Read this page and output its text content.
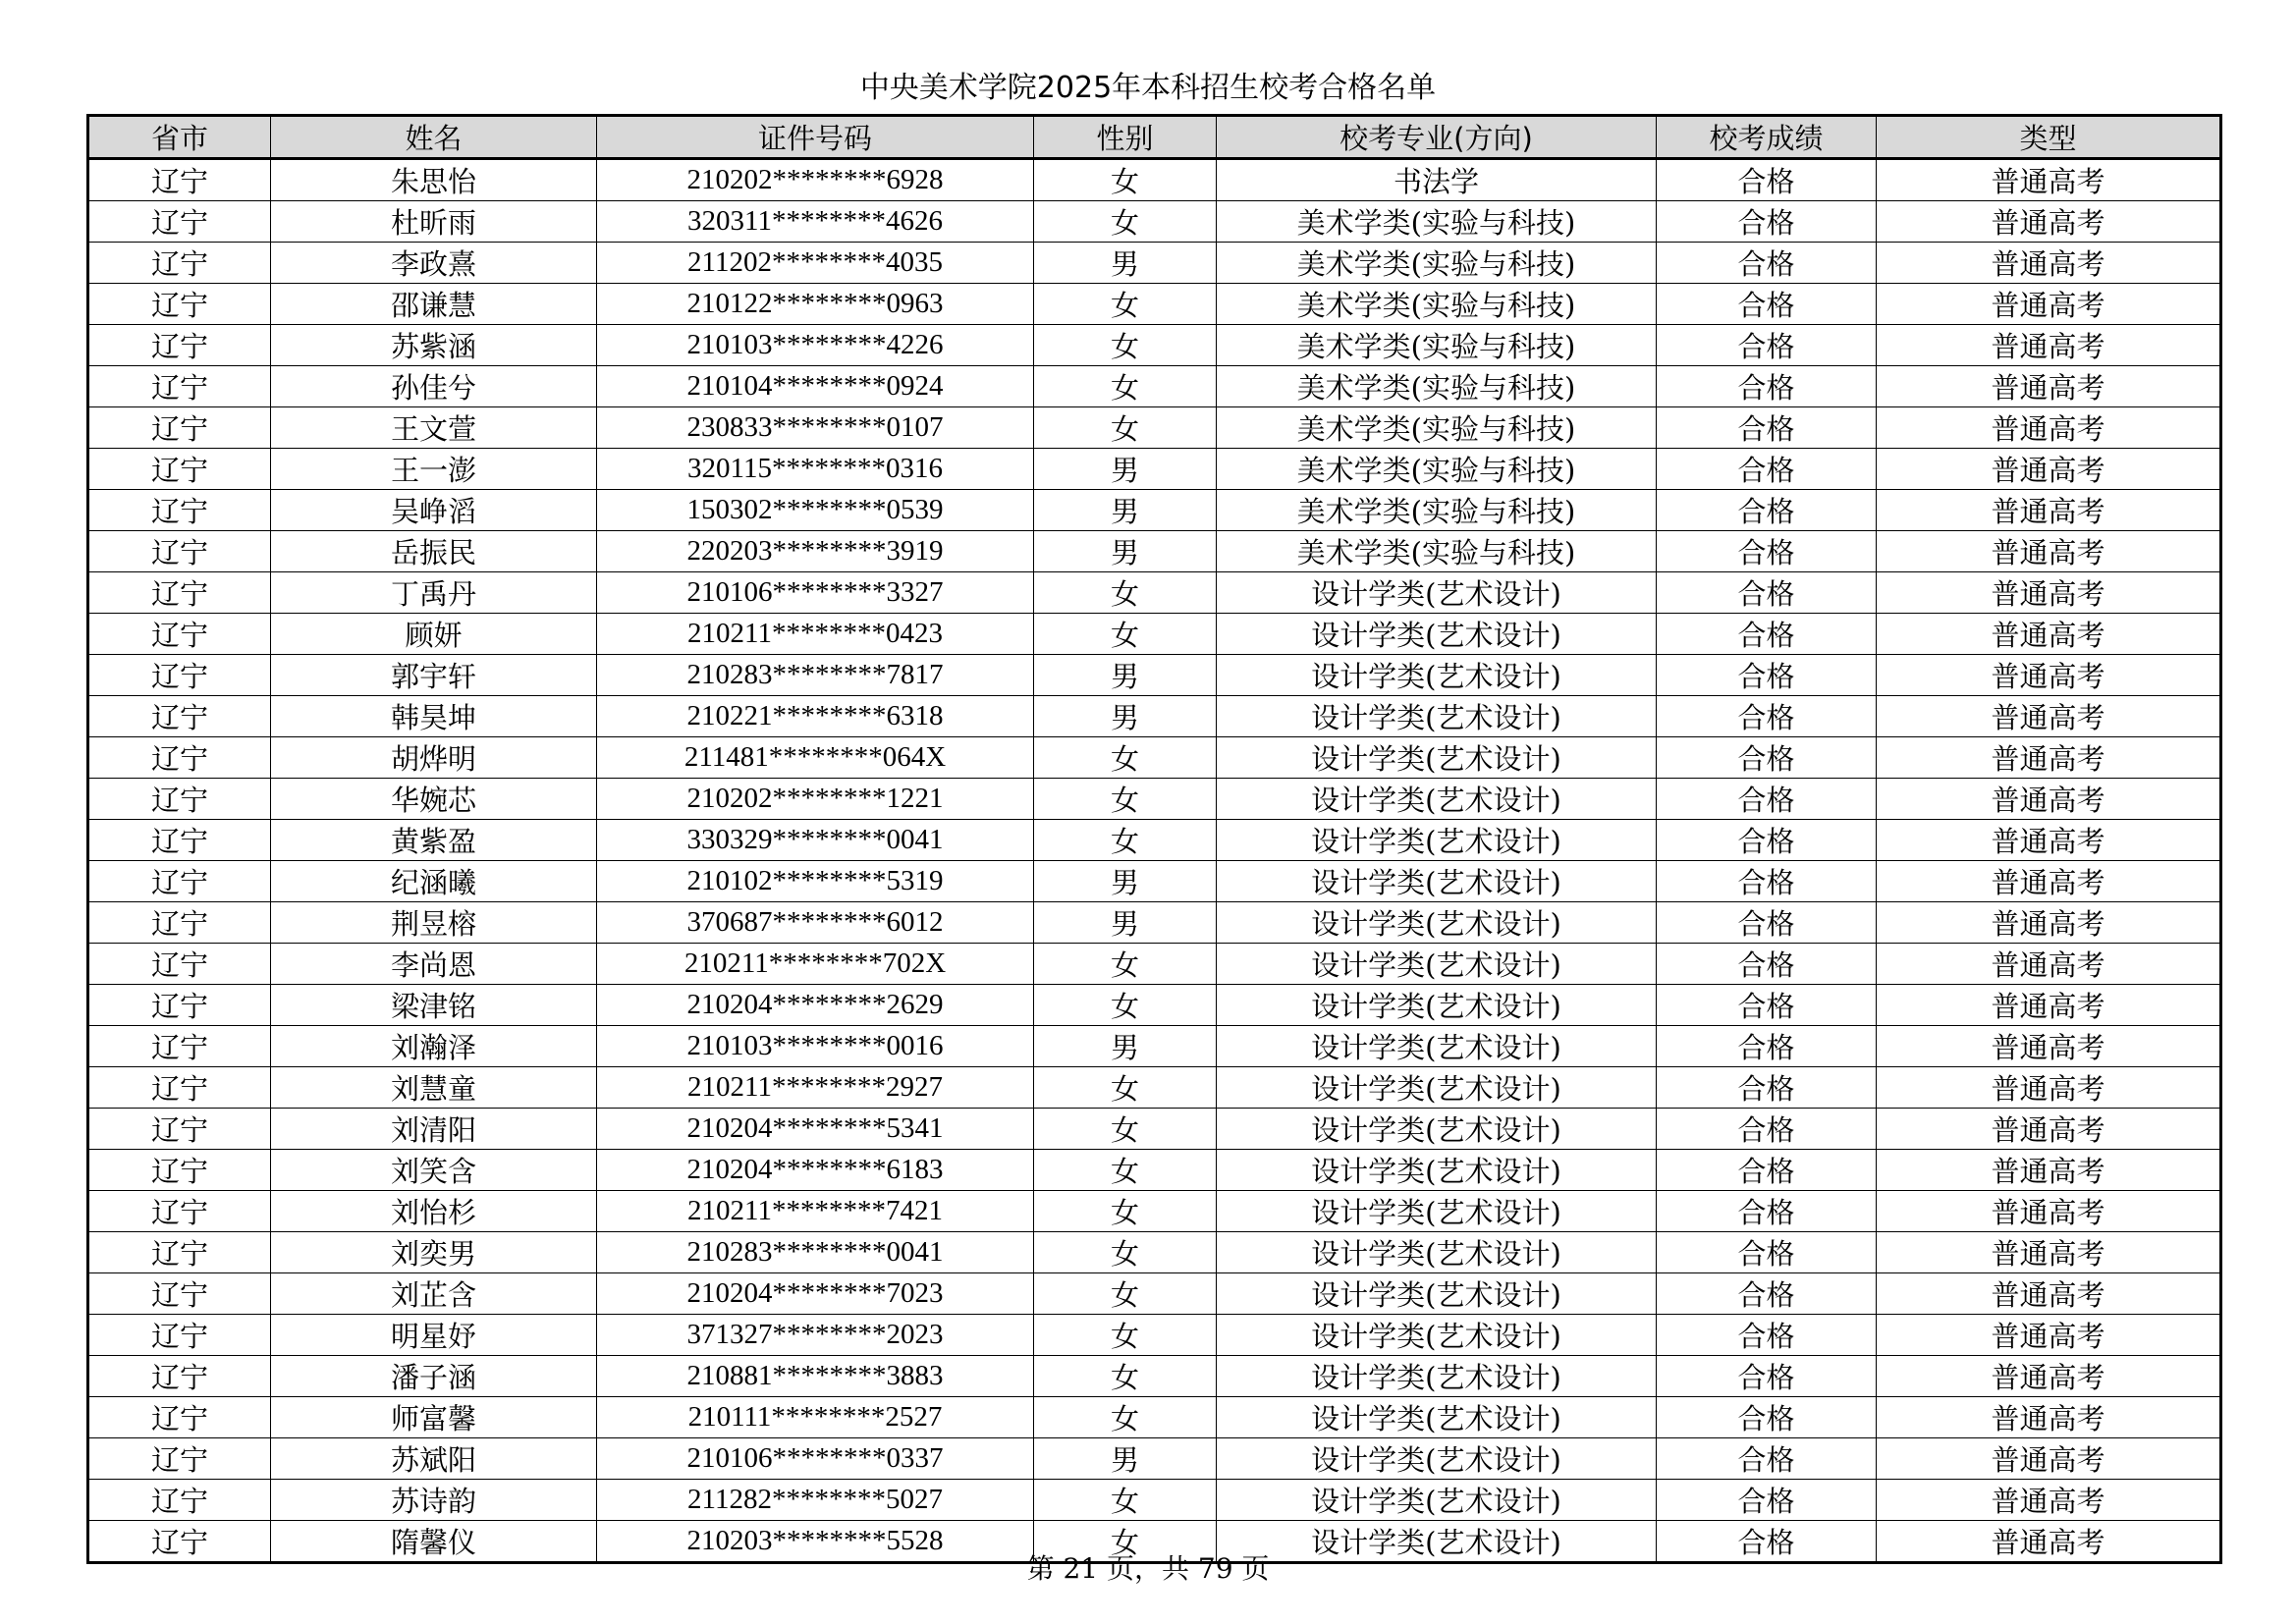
中央美术学院2025年本科招生校考合格名单
省市	姓名	证件号码	性别	校考专业(方向)	校考成绩	类型
辽宁	朱思怡	210202********6928	女	书法学	合格	普通高考
辽宁	杜昕雨	320311********4626	女	美术学类(实验与科技)	合格	普通高考
辽宁	李政熹	211202********4035	男	美术学类(实验与科技)	合格	普通高考
辽宁	邵谦慧	210122********0963	女	美术学类(实验与科技)	合格	普通高考
辽宁	苏紫涵	210103********4226	女	美术学类(实验与科技)	合格	普通高考
辽宁	孙佳兮	210104********0924	女	美术学类(实验与科技)	合格	普通高考
辽宁	王文萱	230833********0107	女	美术学类(实验与科技)	合格	普通高考
辽宁	王一澎	320115********0316	男	美术学类(实验与科技)	合格	普通高考
辽宁	吴峥滔	150302********0539	男	美术学类(实验与科技)	合格	普通高考
辽宁	岳振民	220203********3919	男	美术学类(实验与科技)	合格	普通高考
辽宁	丁禹丹	210106********3327	女	设计学类(艺术设计)	合格	普通高考
辽宁	顾妍	210211********0423	女	设计学类(艺术设计)	合格	普通高考
辽宁	郭宇轩	210283********7817	男	设计学类(艺术设计)	合格	普通高考
辽宁	韩昊坤	210221********6318	男	设计学类(艺术设计)	合格	普通高考
辽宁	胡烨明	211481********064X	女	设计学类(艺术设计)	合格	普通高考
辽宁	华婉芯	210202********1221	女	设计学类(艺术设计)	合格	普通高考
辽宁	黄紫盈	330329********0041	女	设计学类(艺术设计)	合格	普通高考
辽宁	纪涵曦	210102********5319	男	设计学类(艺术设计)	合格	普通高考
辽宁	荆昱榕	370687********6012	男	设计学类(艺术设计)	合格	普通高考
辽宁	李尚恩	210211********702X	女	设计学类(艺术设计)	合格	普通高考
辽宁	梁津铭	210204********2629	女	设计学类(艺术设计)	合格	普通高考
辽宁	刘瀚泽	210103********0016	男	设计学类(艺术设计)	合格	普通高考
辽宁	刘慧童	210211********2927	女	设计学类(艺术设计)	合格	普通高考
辽宁	刘清阳	210204********5341	女	设计学类(艺术设计)	合格	普通高考
辽宁	刘笑含	210204********6183	女	设计学类(艺术设计)	合格	普通高考
辽宁	刘怡杉	210211********7421	女	设计学类(艺术设计)	合格	普通高考
辽宁	刘奕男	210283********0041	女	设计学类(艺术设计)	合格	普通高考
辽宁	刘芷含	210204********7023	女	设计学类(艺术设计)	合格	普通高考
辽宁	明星妤	371327********2023	女	设计学类(艺术设计)	合格	普通高考
辽宁	潘子涵	210881********3883	女	设计学类(艺术设计)	合格	普通高考
辽宁	师富馨	210111********2527	女	设计学类(艺术设计)	合格	普通高考
辽宁	苏斌阳	210106********0337	男	设计学类(艺术设计)	合格	普通高考
辽宁	苏诗韵	211282********5027	女	设计学类(艺术设计)	合格	普通高考
辽宁	隋馨仪	210203********5528	女	设计学类(艺术设计)	合格	普通高考
第 21 页，共 79 页
